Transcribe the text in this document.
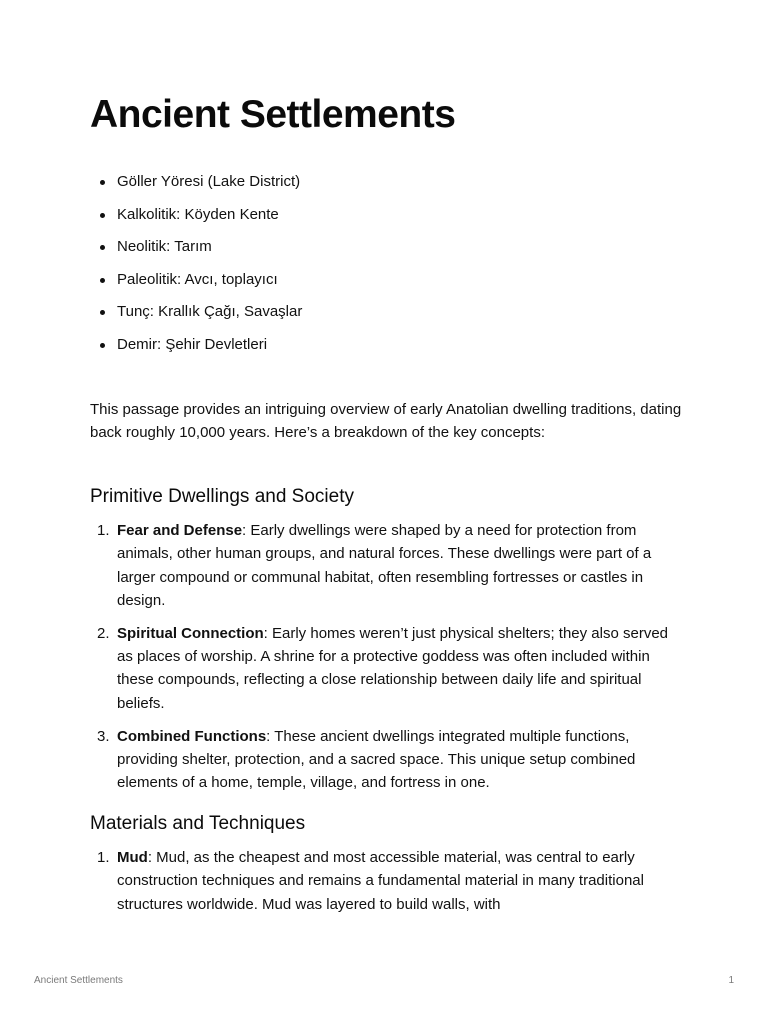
Ancient Settlements
Göller Yöresi (Lake District)
Kalkolitik: Köyden Kente
Neolitik: Tarım
Paleolitik: Avcı, toplayıcı
Tunç: Krallık Çağı, Savaşlar
Demir: Şehir Devletleri

This passage provides an intriguing overview of early Anatolian dwelling traditions, dating back roughly 10,000 years. Here’s a breakdown of the key concepts:

Primitive Dwellings and Society
1. Fear and Defense: Early dwellings were shaped by a need for protection from animals, other human groups, and natural forces. These dwellings were part of a larger compound or communal habitat, often resembling fortresses or castles in design.
2. Spiritual Connection: Early homes weren’t just physical shelters; they also served as places of worship. A shrine for a protective goddess was often included within these compounds, reflecting a close relationship between daily life and spiritual beliefs.
3. Combined Functions: These ancient dwellings integrated multiple functions, providing shelter, protection, and a sacred space. This unique setup combined elements of a home, temple, village, and fortress in one.
Materials and Techniques
1. Mud: Mud, as the cheapest and most accessible material, was central to early construction techniques and remains a fundamental material in many traditional structures worldwide. Mud was layered to build walls, with
Ancient Settlements	1
